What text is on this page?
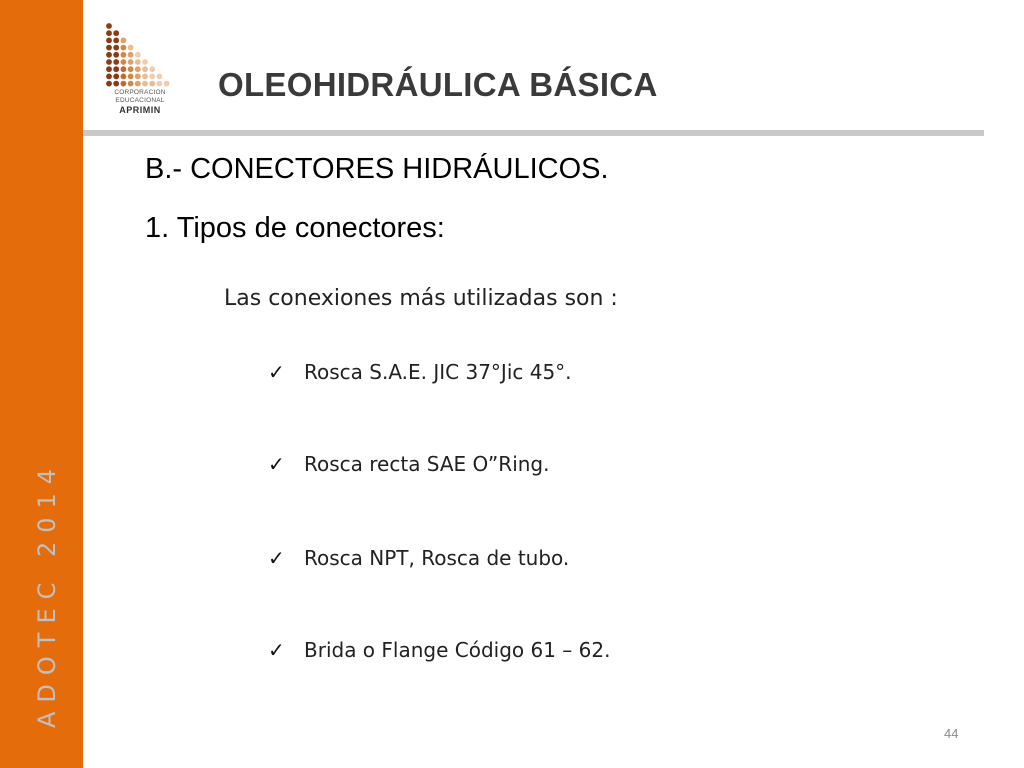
ADOTEC 2014
CORPORACION
EDUCACIONAL
APRIMIN
OLEOHIDRÁULICA BÁSICA
B.- CONECTORES HIDRÁULICOS.
1. Tipos de conectores:
Las conexiones más utilizadas son :
✓ Rosca S.A.E. JIC 37°Jic 45°.
✓ Rosca recta SAE O”Ring.
✓ Rosca NPT, Rosca de tubo.
✓ Brida o Flange Código 61 – 62.
44
